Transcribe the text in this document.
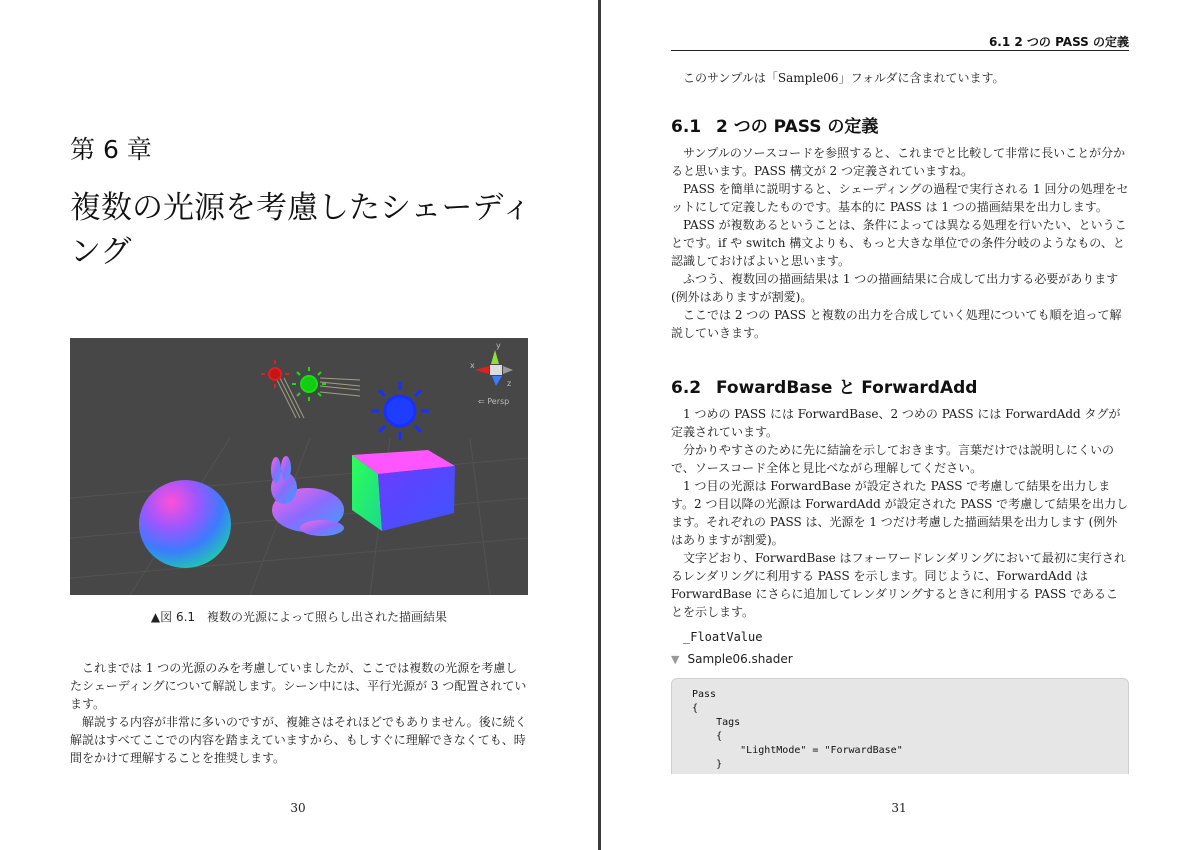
第 6 章
複数の光源を考慮したシェーディング
y
x
z
⇐ Persp
▲図 6.1　複数の光源によって照らし出された描画結果

これまでは 1 つの光源のみを考慮していましたが、ここでは複数の光源を考慮したシェーディングについて解説します。シーン中には、平行光源が 3 つ配置されています。

解説する内容が非常に多いのですが、複雑さはそれほどでもありません。後に続く解説はすべてここでの内容を踏まえていますから、もしすぐに理解できなくても、時間をかけて理解することを推奨します。

30
6.1 2 つの PASS の定義

このサンプルは「Sample06」フォルダに含まれています。

6.1 2 つの PASS の定義

サンプルのソースコードを参照すると、これまでと比較して非常に長いことが分かると思います。PASS 構文が 2 つ定義されていますね。

PASS を簡単に説明すると、シェーディングの過程で実行される 1 回分の処理をセットにして定義したものです。基本的に PASS は 1 つの描画結果を出力します。

PASS が複数あるということは、条件によっては異なる処理を行いたい、ということです。if や switch 構文よりも、もっと大きな単位での条件分岐のようなもの、と認識しておけばよいと思います。

ふつう、複数回の描画結果は 1 つの描画結果に合成して出力する必要があります (例外はありますが割愛)。

ここでは 2 つの PASS と複数の出力を合成していく処理についても順を追って解説していきます。

6.2 FowardBase と ForwardAdd

1 つめの PASS には ForwardBase、2 つめの PASS には ForwardAdd タグが定義されています。

分かりやすさのために先に結論を示しておきます。言葉だけでは説明しにくいので、ソースコード全体と見比べながら理解してください。

1 つ目の光源は ForwardBase が設定された PASS で考慮して結果を出力します。2 つ目以降の光源は ForwardAdd が設定された PASS で考慮して結果を出力します。それぞれの PASS は、光源を 1 つだけ考慮した描画結果を出力します (例外はありますが割愛)。

文字どおり、ForwardBase はフォーワードレンダリングにおいて最初に実行されるレンダリングに利用する PASS を示します。同じように、ForwardAdd は ForwardBase にさらに追加してレンダリングするときに利用する PASS であることを示します。

_FloatValue
▼ Sample06.shader
Pass
{
Tags
{
"LightMode" = "ForwardBase"
}
31
